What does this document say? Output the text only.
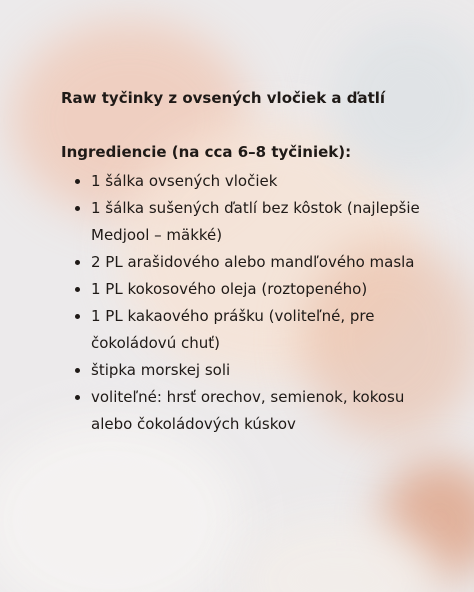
Raw tyčinky z ovsených vločiek a ďatlí
Ingrediencie (na cca 6–8 tyčiniek):
1 šálka ovsených vločiek
1 šálka sušených ďatlí bez kôstok (najlepšie Medjool – mäkké)
2 PL arašidového alebo mandľového masla
1 PL kokosového oleja (roztopeného)
1 PL kakaového prášku (voliteľné, pre čokoládovú chuť)
štipka morskej soli
voliteľné: hrsť orechov, semienok, kokosu alebo čokoládových kúskov
